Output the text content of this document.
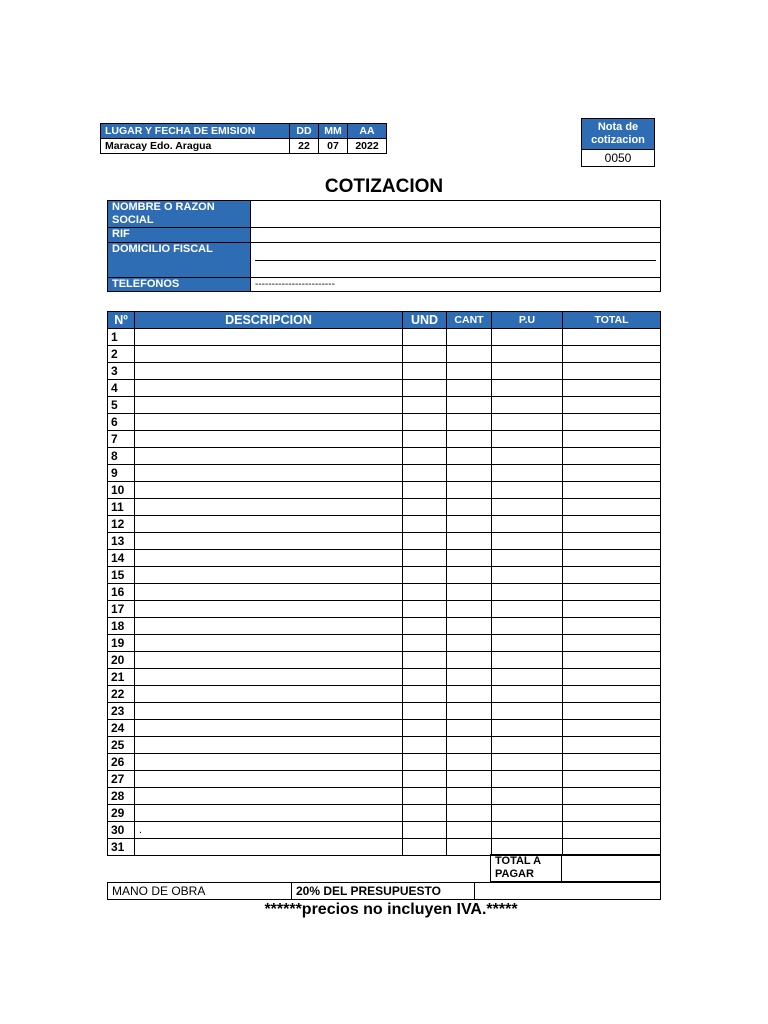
LUGAR Y FECHA DE EMISION	DD	MM	AA
Maracay Edo. Aragua	22	07	2022
Nota de cotizacion
0050
COTIZACION
NOMBRE O RAZON SOCIAL	
RIF	
DOMICILIO FISCAL	

TELEFONOS	------------------------
Nº	DESCRIPCION	UND	CANT	P.U	TOTAL
1					
2					
3					
4					
5					
6					
7					
8					
9					
10					
11					
12					
13					
14					
15					
16					
17					
18					
19					
20					
21					
22					
23					
24					
25					
26					
27					
28					
29					
30	.				
31					
	TOTAL A PAGAR	
MANO DE OBRA	20% DEL PRESUPUESTO	
******precios no incluyen IVA.*****
